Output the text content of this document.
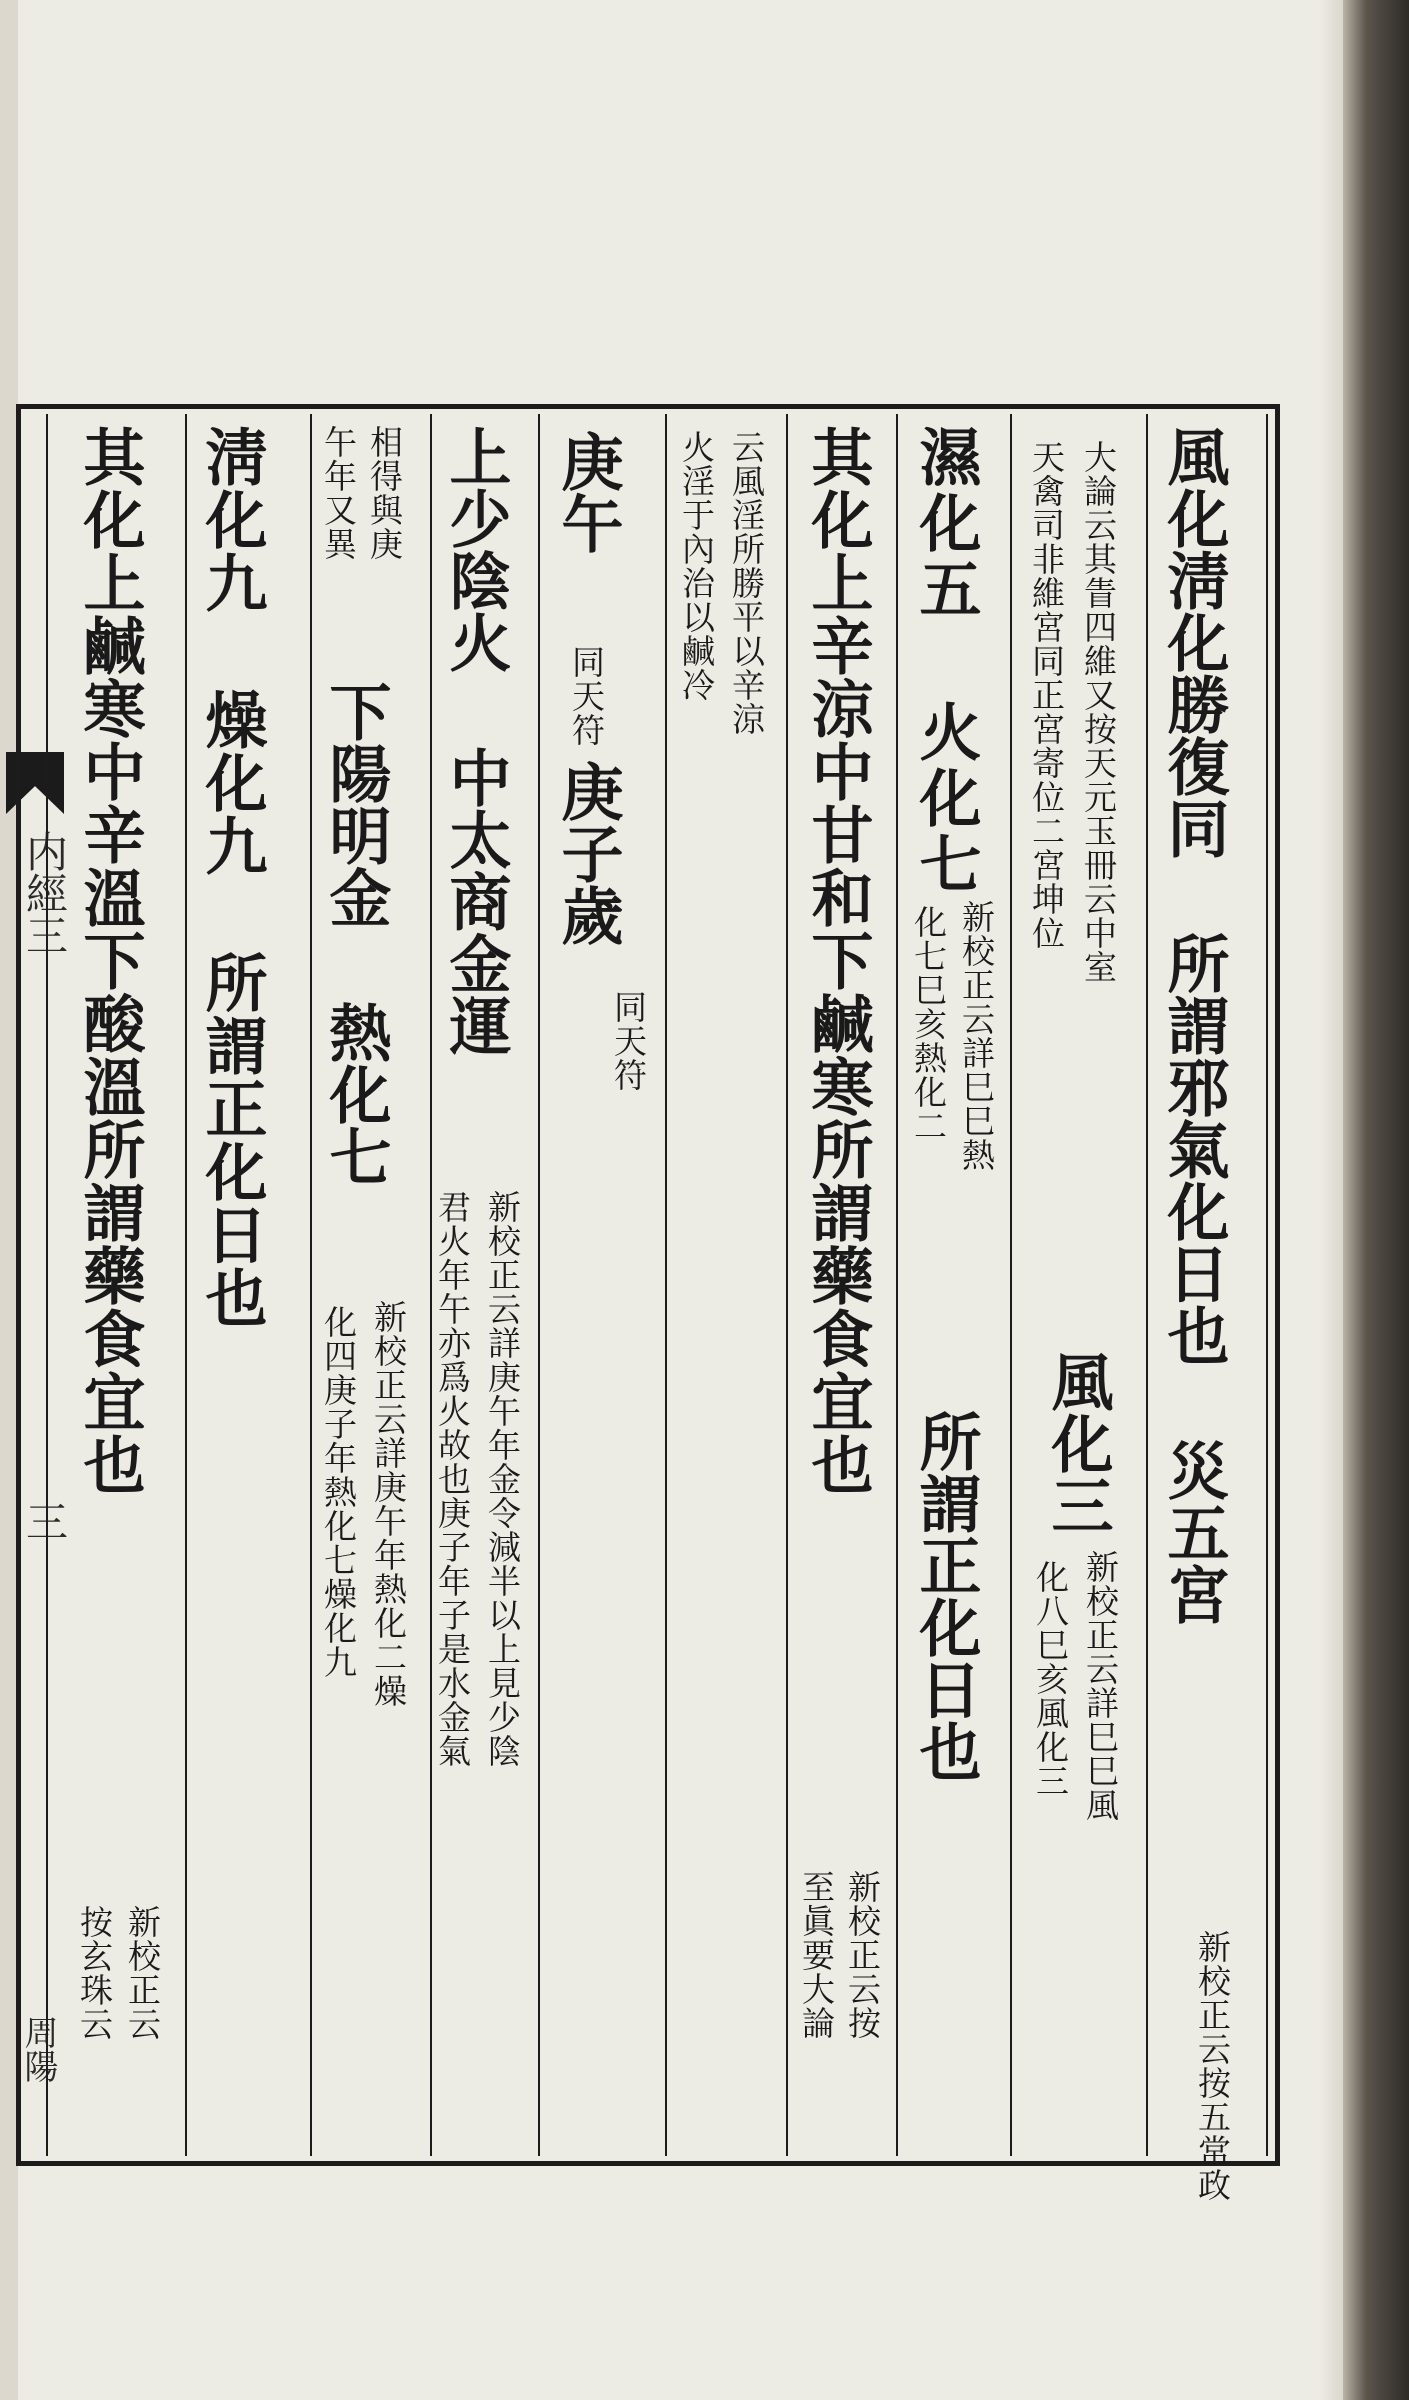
内經三
三
周陽
風化淸化勝復同 所謂邪氣化日也 災五宮
新校正云按五常政
大論云其眚四維又按天元玉冊云中室
天禽司非維宮同正宮寄位二宮坤位
風化三
新校正云詳巳巳風
化八巳亥風化三
濕化五 火化七
新校正云詳巳巳熱
化七巳亥熱化二
所謂正化日也
其化上辛涼中甘和下鹹寒所謂藥食宜也
新校正云按
至眞要大論
云風淫所勝平以辛涼
火淫于內治以鹹冷
庚午
同天符
庚子歲
同天符
上少陰火 中太商金運
新校正云詳庚午年金令減半以上見少陰
君火年午亦爲火故也庚子年子是水金氣
相得與庚
午年又異
下陽明金 熱化七
新校正云詳庚午年熱化二燥
化四庚子年熱化七燥化九
淸化九 燥化九 所謂正化日也
其化上鹹寒中辛溫下酸溫所謂藥食宜也
新校正云
按玄珠云
